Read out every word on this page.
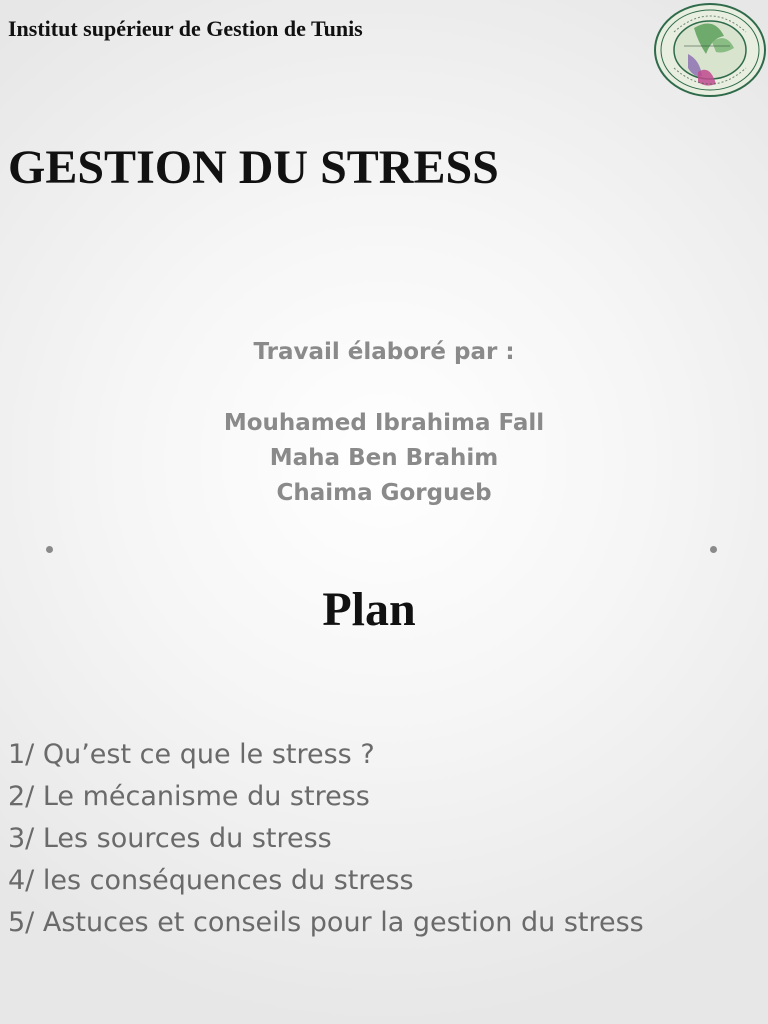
Institut supérieur de Gestion de Tunis
GESTION DU STRESS
Travail élaboré par :
Mouhamed Ibrahima Fall
Maha Ben Brahim
Chaima Gorgueb
Plan
1/ Qu’est ce que le stress ?
2/ Le mécanisme du stress
3/ Les sources du stress
4/ les conséquences du stress
5/ Astuces et conseils pour la gestion du stress
